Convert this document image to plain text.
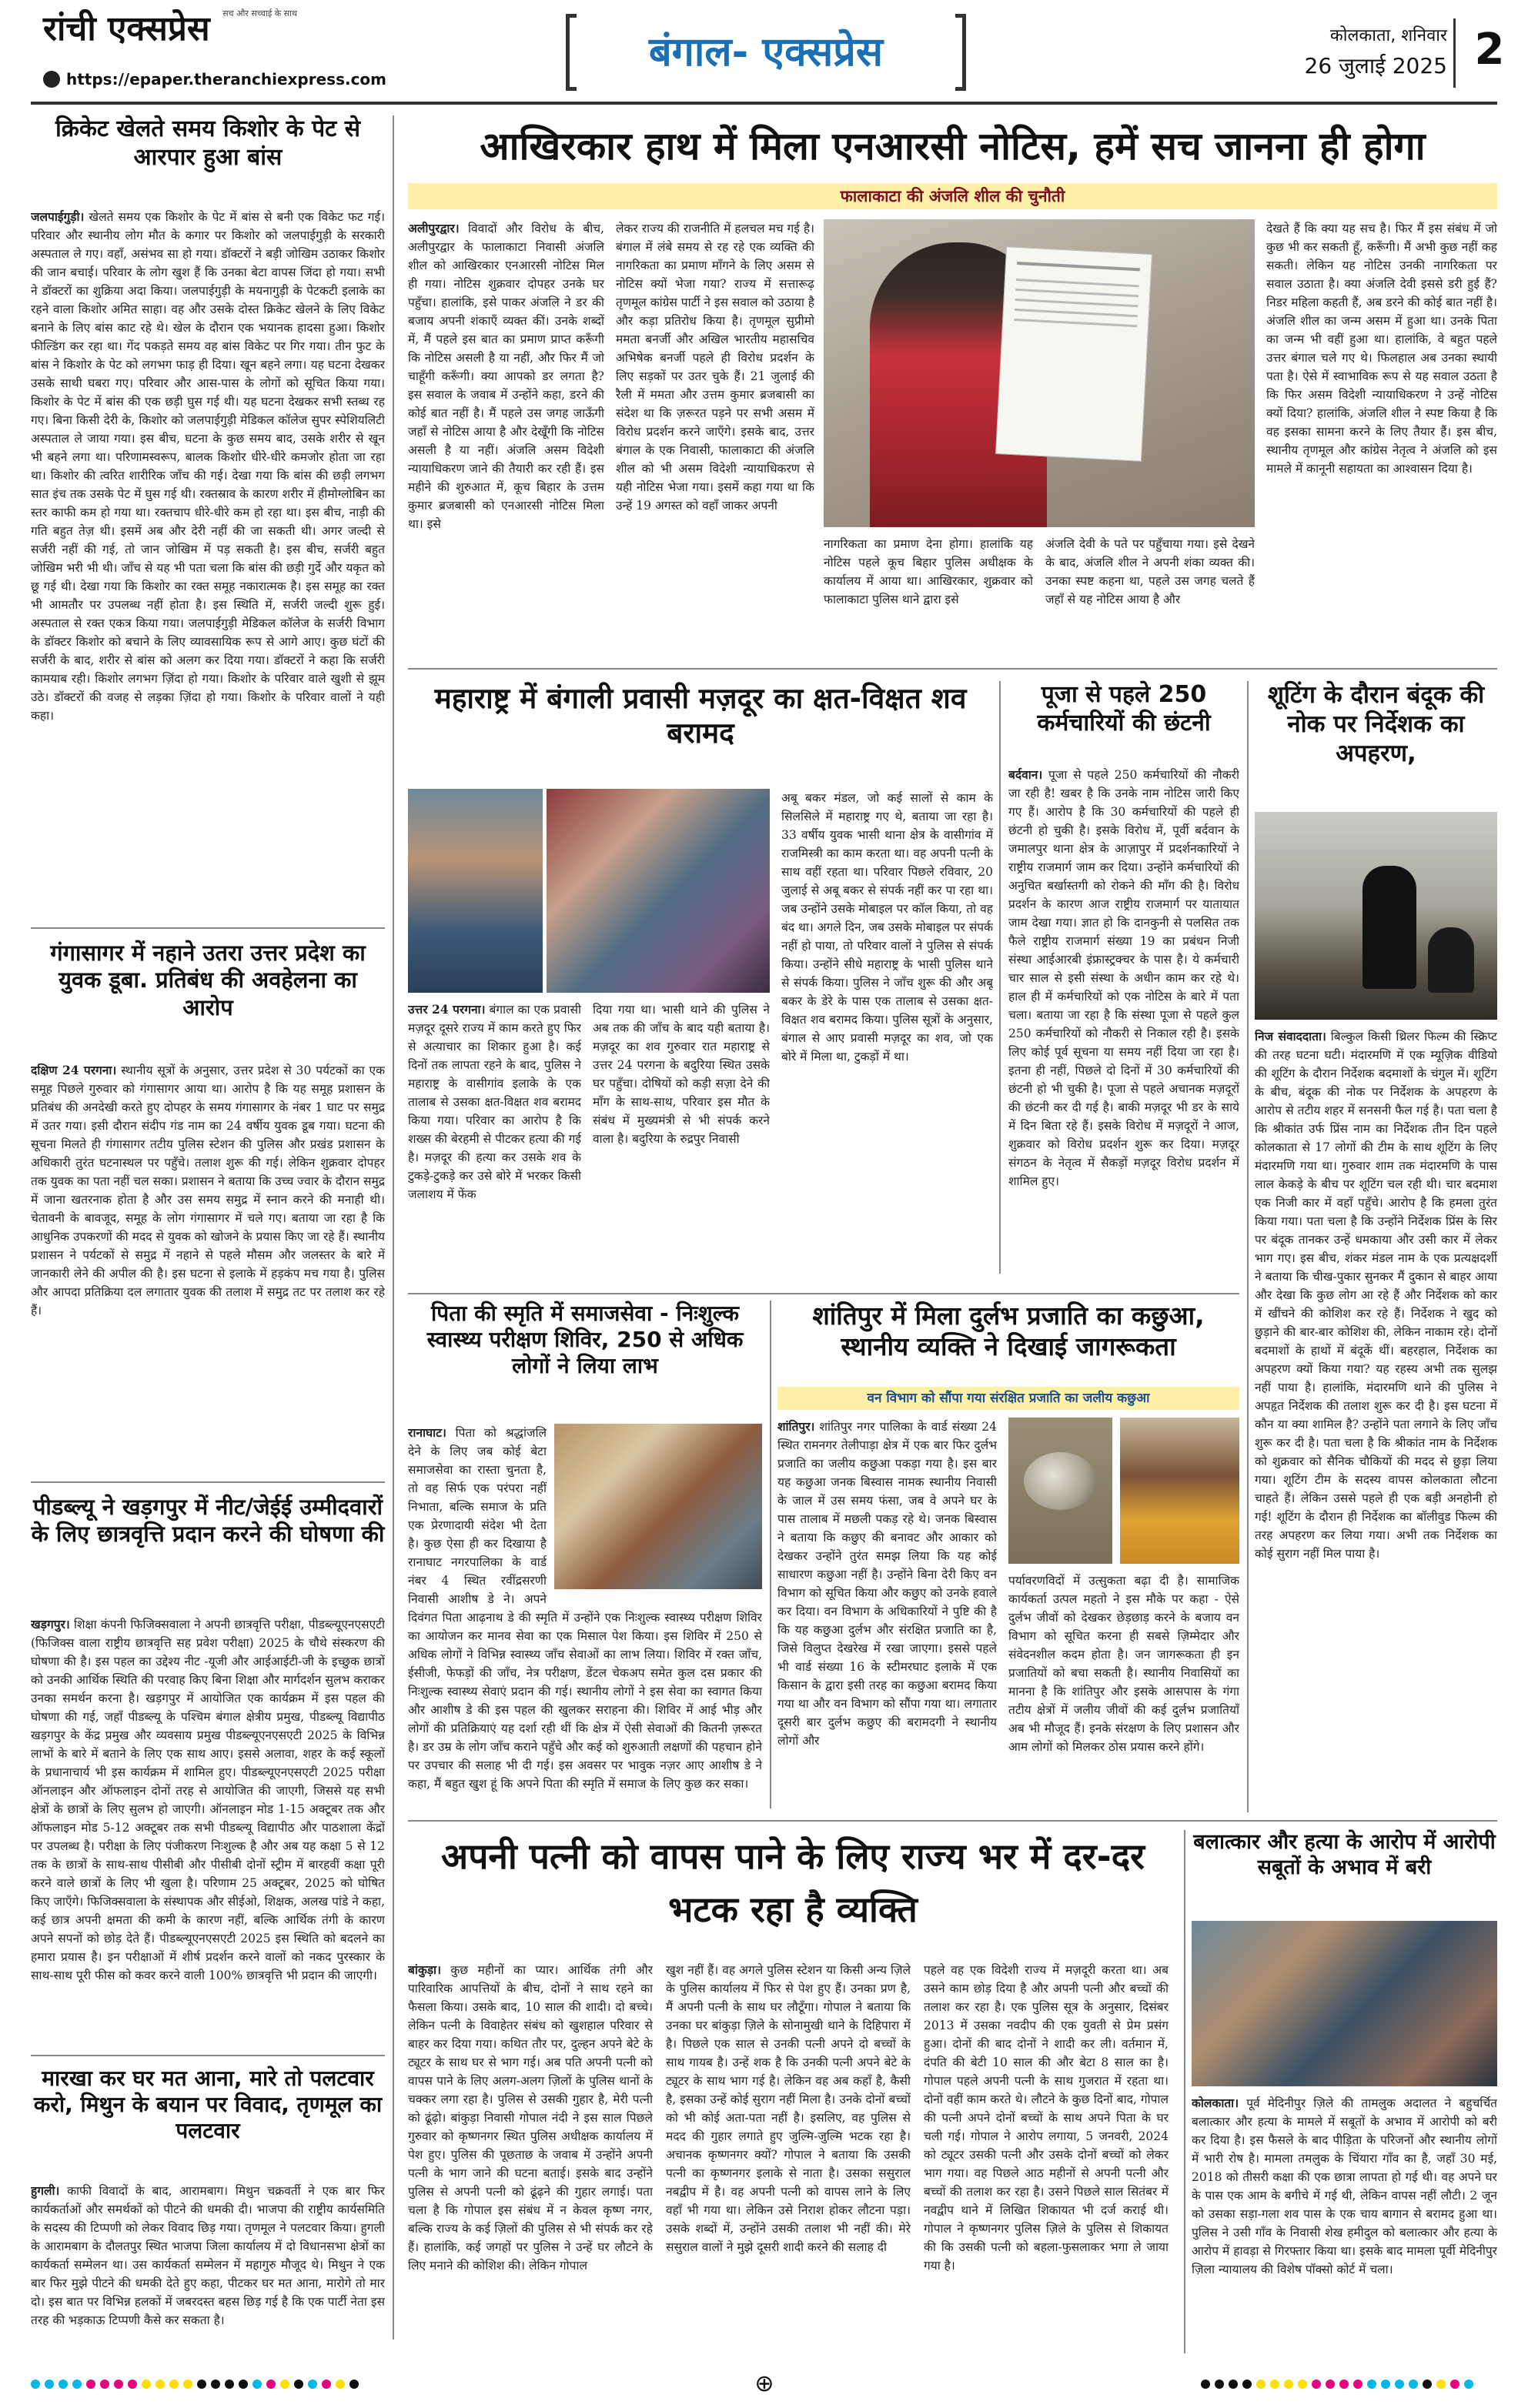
रांची एक्सप्रेस	सच और सच्चाई के साथ
https://epaper.theranchiexpress.com
बंगाल- एक्सप्रेस	कोलकाता, शनिवार
26 जुलाई 2025 2
क्रिकेट खेलते समय किशोर के पेट से आरपार हुआ बांस
जलपाईगुड़ी। खेलते समय एक किशोर के पेट में बांस से बनी एक विकेट फट गई। परिवार और स्थानीय लोग मौत के कगार पर किशोर को जलपाईगुड़ी के सरकारी अस्पताल ले गए। वहाँ, असंभव सा हो गया। डॉक्टरों ने बड़ी जोखिम उठाकर किशोर की जान बचाई। परिवार के लोग खुश हैं कि उनका बेटा वापस जिंदा हो गया। सभी ने डॉक्टरों का शुक्रिया अदा किया। जलपाईगुड़ी के मयनागुड़ी के पेटकटी इलाके का रहने वाला किशोर अमित साहा। वह और उसके दोस्त क्रिकेट खेलने के लिए विकेट बनाने के लिए बांस काट रहे थे। खेल के दौरान एक भयानक हादसा हुआ। किशोर फील्डिंग कर रहा था। गेंद पकड़ते समय वह बांस विकेट पर गिर गया। तीन फुट के बांस ने किशोर के पेट को लगभग फाड़ ही दिया। खून बहने लगा। यह घटना देखकर उसके साथी घबरा गए। परिवार और आस-पास के लोगों को सूचित किया गया। किशोर के पेट में बांस की एक छड़ी घुस गई थी। यह घटना देखकर सभी स्तब्ध रह गए। बिना किसी देरी के, किशोर को जलपाईगुड़ी मेडिकल कॉलेज सुपर स्पेशियलिटी अस्पताल ले जाया गया। इस बीच, घटना के कुछ समय बाद, उसके शरीर से खून भी बहने लगा था। परिणामस्वरूप, बालक किशोर धीरे-धीरे कमजोर होता जा रहा था। किशोर की त्वरित शारीरिक जाँच की गई। देखा गया कि बांस की छड़ी लगभग सात इंच तक उसके पेट में घुस गई थी। रक्तस्राव के कारण शरीर में हीमोग्लोबिन का स्तर काफी कम हो गया था। रक्तचाप धीरे-धीरे कम हो रहा था। इस बीच, नाड़ी की गति बहुत तेज़ थी। इसमें अब और देरी नहीं की जा सकती थी। अगर जल्दी से सर्जरी नहीं की गई, तो जान जोखिम में पड़ सकती है। इस बीच, सर्जरी बहुत जोखिम भरी भी थी। जाँच से यह भी पता चला कि बांस की छड़ी गुर्दे और यकृत को छू गई थी। देखा गया कि किशोर का रक्त समूह नकारात्मक है। इस समूह का रक्त भी आमतौर पर उपलब्ध नहीं होता है। इस स्थिति में, सर्जरी जल्दी शुरू हुई। अस्पताल से रक्त एकत्र किया गया। जलपाईगुड़ी मेडिकल कॉलेज के सर्जरी विभाग के डॉक्टर किशोर को बचाने के लिए व्यावसायिक रूप से आगे आए। कुछ घंटों की सर्जरी के बाद, शरीर से बांस को अलग कर दिया गया। डॉक्टरों ने कहा कि सर्जरी कामयाब रही। किशोर लगभग ज़िंदा हो गया। किशोर के परिवार वाले खुशी से झूम उठे। डॉक्टरों की वजह से लड़का ज़िंदा हो गया। किशोर के परिवार वालों ने यही कहा।
गंगासागर में नहाने उतरा उत्तर प्रदेश का युवक डूबा. प्रतिबंध की अवहेलना का आरोप
दक्षिण 24 परगना। स्थानीय सूत्रों के अनुसार, उत्तर प्रदेश से 30 पर्यटकों का एक समूह पिछले गुरुवार को गंगासागर आया था। आरोप है कि यह समूह प्रशासन के प्रतिबंध की अनदेखी करते हुए दोपहर के समय गंगासागर के नंबर 1 घाट पर समुद्र में उतर गया। इसी दौरान संदीप गंड नाम का 24 वर्षीय युवक डूब गया। घटना की सूचना मिलते ही गंगासागर तटीय पुलिस स्टेशन की पुलिस और प्रखंड प्रशासन के अधिकारी तुरंत घटनास्थल पर पहुँचे। तलाश शुरू की गई। लेकिन शुक्रवार दोपहर तक युवक का पता नहीं चल सका। प्रशासन ने बताया कि उच्च ज्वार के दौरान समुद्र में जाना खतरनाक होता है और उस समय समुद्र में स्नान करने की मनाही थी। चेतावनी के बावजूद, समूह के लोग गंगासागर में चले गए। बताया जा रहा है कि आधुनिक उपकरणों की मदद से युवक को खोजने के प्रयास किए जा रहे हैं। स्थानीय प्रशासन ने पर्यटकों से समुद्र में नहाने से पहले मौसम और जलस्तर के बारे में जानकारी लेने की अपील की है। इस घटना से इलाके में हड़कंप मच गया है। पुलिस और आपदा प्रतिक्रिया दल लगातार युवक की तलाश में समुद्र तट पर तलाश कर रहे हैं।
पीडब्ल्यू ने खड़गपुर में नीट/जेईई उम्मीदवारों के लिए छात्रवृत्ति प्रदान करने की घोषणा की
खड़गपुर। शिक्षा कंपनी फिजिक्सवाला ने अपनी छात्रवृत्ति परीक्षा, पीडब्ल्यूएनएसएटी (फिजिक्स वाला राष्ट्रीय छात्रवृत्ति सह प्रवेश परीक्षा) 2025 के चौथे संस्करण की घोषणा की है। इस पहल का उद्देश्य नीट -यूजी और आईआईटी-जी के इच्छुक छात्रों को उनकी आर्थिक स्थिति की परवाह किए बिना शिक्षा और मार्गदर्शन सुलभ कराकर उनका समर्थन करना है। खड़गपुर में आयोजित एक कार्यक्रम में इस पहल की घोषणा की गई, जहाँ पीडब्ल्यू के पश्चिम बंगाल क्षेत्रीय प्रमुख, पीडब्ल्यू विद्यापीठ खड़गपुर के केंद्र प्रमुख और व्यवसाय प्रमुख पीडब्ल्यूएनएसएटी 2025 के विभिन्न लाभों के बारे में बताने के लिए एक साथ आए। इससे अलावा, शहर के कई स्कूलों के प्रधानाचार्य भी इस कार्यक्रम में शामिल हुए। पीडब्ल्यूएनएसएटी 2025 परीक्षा ऑनलाइन और ऑफलाइन दोनों तरह से आयोजित की जाएगी, जिससे यह सभी क्षेत्रों के छात्रों के लिए सुलभ हो जाएगी। ऑनलाइन मोड 1-15 अक्टूबर तक और ऑफलाइन मोड 5-12 अक्टूबर तक सभी पीडब्ल्यू विद्यापीठ और पाठशाला केंद्रों पर उपलब्ध है। परीक्षा के लिए पंजीकरण निःशुल्क है और अब यह कक्षा 5 से 12 तक के छात्रों के साथ-साथ पीसीबी और पीसीबी दोनों स्ट्रीम में बारहवीं कक्षा पूरी करने वाले छात्रों के लिए भी खुला है। परिणाम 25 अक्टूबर, 2025 को घोषित किए जाएँगे। फिजिक्सवाला के संस्थापक और सीईओ, शिक्षक, अलख पांडे ने कहा, कई छात्र अपनी क्षमता की कमी के कारण नहीं, बल्कि आर्थिक तंगी के कारण अपने सपनों को छोड़ देते हैं। पीडब्ल्यूएनएसएटी 2025 इस स्थिति को बदलने का हमारा प्रयास है। इन परीक्षाओं में शीर्ष प्रदर्शन करने वालों को नकद पुरस्कार के साथ-साथ पूरी फीस को कवर करने वाली 100% छात्रवृत्ति भी प्रदान की जाएगी।
मारखा कर घर मत आना, मारे तो पलटवार करो, मिथुन के बयान पर विवाद, तृणमूल का पलटवार
हुगली। काफी विवादों के बाद, आरामबाग। मिथुन चक्रवर्ती ने एक बार फिर कार्यकर्ताओं और समर्थकों को पीटने की धमकी दी। भाजपा की राष्ट्रीय कार्यसमिति के सदस्य की टिप्पणी को लेकर विवाद छिड़ गया। तृणमूल ने पलटवार किया। हुगली के आरामबाग के दौलतपुर स्थित भाजपा जिला कार्यालय में दो विधानसभा क्षेत्रों का कार्यकर्ता सम्मेलन था। उस कार्यकर्ता सम्मेलन में महागुरु मौजूद थे। मिथुन ने एक बार फिर मुझे पीटने की धमकी देते हुए कहा, पीटकर घर मत आना, मारोगे तो मार दो। इस बात पर विभिन्न हलकों में जबरदस्त बहस छिड़ गई है कि एक पार्टी नेता इस तरह की भड़काऊ टिप्पणी कैसे कर सकता है।
आखिरकार हाथ में मिला एनआरसी नोटिस, हमें सच जानना ही होगा
फालाकाटा की अंजलि शील की चुनौती
अलीपुरद्वार। विवादों और विरोध के बीच, अलीपुरद्वार के फालाकाटा निवासी अंजलि शील को आखिरकार एनआरसी नोटिस मिल ही गया। नोटिस शुक्रवार दोपहर उनके घर पहुँचा। हालांकि, इसे पाकर अंजलि ने डर की बजाय अपनी शंकाएँ व्यक्त कीं। उनके शब्दों में, मैं पहले इस बात का प्रमाण प्राप्त करूँगी कि नोटिस असली है या नहीं, और फिर मैं जो चाहूँगी करूँगी। क्या आपको डर लगता है? इस सवाल के जवाब में उन्होंने कहा, डरने की कोई बात नहीं है। मैं पहले उस जगह जाऊँगी जहाँ से नोटिस आया है और देखूँगी कि नोटिस असली है या नहीं। अंजलि असम विदेशी न्यायाधिकरण जाने की तैयारी कर रही हैं। इस महीने की शुरुआत में, कूच बिहार के उत्तम कुमार ब्रजबासी को एनआरसी नोटिस मिला था। इसे
लेकर राज्य की राजनीति में हलचल मच गई है। बंगाल में लंबे समय से रह रहे एक व्यक्ति की नागरिकता का प्रमाण माँगने के लिए असम से नोटिस क्यों भेजा गया? राज्य में सत्तारूढ़ तृणमूल कांग्रेस पार्टी ने इस सवाल को उठाया है और कड़ा प्रतिरोध किया है। तृणमूल सुप्रीमो ममता बनर्जी और अखिल भारतीय महासचिव अभिषेक बनर्जी पहले ही विरोध प्रदर्शन के लिए सड़कों पर उतर चुके हैं। 21 जुलाई की रैली में ममता और उत्तम कुमार ब्रजबासी का संदेश था कि ज़रूरत पड़ने पर सभी असम में विरोध प्रदर्शन करने जाएँगे। इसके बाद, उत्तर बंगाल के एक निवासी, फालाकाटा की अंजलि शील को भी असम विदेशी न्यायाधिकरण से यही नोटिस भेजा गया। इसमें कहा गया था कि उन्हें 19 अगस्त को वहाँ जाकर अपनी
नागरिकता का प्रमाण देना होगा। हालांकि यह नोटिस पहले कूच बिहार पुलिस अधीक्षक के कार्यालय में आया था। आखिरकार, शुक्रवार को फालाकाटा पुलिस थाने द्वारा इसे
अंजलि देवी के पते पर पहुँचाया गया। इसे देखने के बाद, अंजलि शील ने अपनी शंका व्यक्त की। उनका स्पष्ट कहना था, पहले उस जगह चलते हैं जहाँ से यह नोटिस आया है और
देखते हैं कि क्या यह सच है। फिर मैं इस संबंध में जो कुछ भी कर सकती हूँ, करूँगी। मैं अभी कुछ नहीं कह सकती। लेकिन यह नोटिस उनकी नागरिकता पर सवाल उठाता है। क्या अंजलि देवी इससे डरी हुई हैं? निडर महिला कहती हैं, अब डरने की कोई बात नहीं है। अंजलि शील का जन्म असम में हुआ था। उनके पिता का जन्म भी वहीं हुआ था। हालांकि, वे बहुत पहले उत्तर बंगाल चले गए थे। फिलहाल अब उनका स्थायी पता है। ऐसे में स्वाभाविक रूप से यह सवाल उठता है कि फिर असम विदेशी न्यायाधिकरण ने उन्हें नोटिस क्यों दिया? हालांकि, अंजलि शील ने स्पष्ट किया है कि वह इसका सामना करने के लिए तैयार हैं। इस बीच, स्थानीय तृणमूल और कांग्रेस नेतृत्व ने अंजलि को इस मामले में कानूनी सहायता का आश्वासन दिया है।
महाराष्ट्र में बंगाली प्रवासी मज़दूर का क्षत-विक्षत शव बरामद
उत्तर 24 परगना। बंगाल का एक प्रवासी मज़दूर दूसरे राज्य में काम करते हुए फिर से अत्याचार का शिकार हुआ है। कई दिनों तक लापता रहने के बाद, पुलिस ने महाराष्ट्र के वासीगांव इलाके के एक तालाब से उसका क्षत-विक्षत शव बरामद किया गया। परिवार का आरोप है कि शख्स की बेरहमी से पीटकर हत्या की गई है। मज़दूर की हत्या कर उसके शव के टुकड़े-टुकड़े कर उसे बोरे में भरकर किसी जलाशय में फेंक
दिया गया था। भासी थाने की पुलिस ने अब तक की जाँच के बाद यही बताया है। मज़दूर का शव गुरुवार रात महाराष्ट्र से उत्तर 24 परगना के बदुरिया स्थित उसके घर पहुँचा। दोषियों को कड़ी सज़ा देने की माँग के साथ-साथ, परिवार इस मौत के संबंध में मुख्यमंत्री से भी संपर्क करने वाला है। बदुरिया के रुद्रपुर निवासी
अबू बकर मंडल, जो कई सालों से काम के सिलसिले में महाराष्ट्र गए थे, बताया जा रहा है। 33 वर्षीय युवक भासी थाना क्षेत्र के वासीगांव में राजमिस्त्री का काम करता था। वह अपनी पत्नी के साथ वहीं रहता था। परिवार पिछले रविवार, 20 जुलाई से अबू बकर से संपर्क नहीं कर पा रहा था। जब उन्होंने उसके मोबाइल पर कॉल किया, तो वह बंद था। अगले दिन, जब उसके मोबाइल पर संपर्क नहीं हो पाया, तो परिवार वालों ने पुलिस से संपर्क किया। उन्होंने सीधे महाराष्ट्र के भासी पुलिस थाने से संपर्क किया। पुलिस ने जाँच शुरू की और अबू बकर के डेरे के पास एक तालाब से उसका क्षत-विक्षत शव बरामद किया। पुलिस सूत्रों के अनुसार, बंगाल से आए प्रवासी मज़दूर का शव, जो एक बोरे में मिला था, टुकड़ों में था।
पूजा से पहले 250 कर्मचारियों की छंटनी
बर्दवान। पूजा से पहले 250 कर्मचारियों की नौकरी जा रही है! खबर है कि उनके नाम नोटिस जारी किए गए हैं। आरोप है कि 30 कर्मचारियों की पहले ही छंटनी हो चुकी है। इसके विरोध में, पूर्वी बर्दवान के जमालपुर थाना क्षेत्र के आज़ापुर में प्रदर्शनकारियों ने राष्ट्रीय राजमार्ग जाम कर दिया। उन्होंने कर्मचारियों की अनुचित बर्खास्तगी को रोकने की माँग की है। विरोध प्रदर्शन के कारण आज राष्ट्रीय राजमार्ग पर यातायात जाम देखा गया। ज्ञात हो कि दानकुनी से पलसित तक फैले राष्ट्रीय राजमार्ग संख्या 19 का प्रबंधन निजी संस्था आईआरबी इंफ्रास्ट्रक्चर के पास है। ये कर्मचारी चार साल से इसी संस्था के अधीन काम कर रहे थे। हाल ही में कर्मचारियों को एक नोटिस के बारे में पता चला। बताया जा रहा है कि संस्था पूजा से पहले कुल 250 कर्मचारियों को नौकरी से निकाल रही है। इसके लिए कोई पूर्व सूचना या समय नहीं दिया जा रहा है। इतना ही नहीं, पिछले दो दिनों में 30 कर्मचारियों की छंटनी हो भी चुकी है। पूजा से पहले अचानक मज़दूरों की छंटनी कर दी गई है। बाकी मज़दूर भी डर के साये में दिन बिता रहे हैं। इसके विरोध में मज़दूरों ने आज, शुक्रवार को विरोध प्रदर्शन शुरू कर दिया। मज़दूर संगठन के नेतृत्व में सैकड़ों मज़दूर विरोध प्रदर्शन में शामिल हुए।
शूटिंग के दौरान बंदूक की नोक पर निर्देशक का अपहरण,
निज संवाददाता। बिल्कुल किसी थ्रिलर फिल्म की स्क्रिप्ट की तरह घटना घटी। मंदारमणि में एक म्यूज़िक वीडियो की शूटिंग के दौरान निर्देशक बदमाशों के चंगुल में। शूटिंग के बीच, बंदूक की नोक पर निर्देशक के अपहरण के आरोप से तटीय शहर में सनसनी फैल गई है। पता चला है कि श्रीकांत उर्फ प्रिंस नाम का निर्देशक तीन दिन पहले कोलकाता से 17 लोगों की टीम के साथ शूटिंग के लिए मंदारमणि गया था। गुरुवार शाम तक मंदारमणि के पास लाल केकड़े के बीच पर शूटिंग चल रही थी। चार बदमाश एक निजी कार में वहाँ पहुँचे। आरोप है कि हमला तुरंत किया गया। पता चला है कि उन्होंने निर्देशक प्रिंस के सिर पर बंदूक तानकर उन्हें धमकाया और उसी कार में लेकर भाग गए। इस बीच, शंकर मंडल नाम के एक प्रत्यक्षदर्शी ने बताया कि चीख-पुकार सुनकर मैं दुकान से बाहर आया और देखा कि कुछ लोग आ रहे हैं और निर्देशक को कार में खींचने की कोशिश कर रहे हैं। निर्देशक ने खुद को छुड़ाने की बार-बार कोशिश की, लेकिन नाकाम रहे। दोनों बदमाशों के हाथों में बंदूकें थीं। बहरहाल, निर्देशक का अपहरण क्यों किया गया? यह रहस्य अभी तक सुलझ नहीं पाया है। हालांकि, मंदारमणि थाने की पुलिस ने अपहृत निर्देशक की तलाश शुरू कर दी है। इस घटना में कौन या क्या शामिल है? उन्होंने पता लगाने के लिए जाँच शुरू कर दी है। पता चला है कि श्रीकांत नाम के निर्देशक को शुक्रवार को सैनिक चौकियों की मदद से छुड़ा लिया गया। शूटिंग टीम के सदस्य वापस कोलकाता लौटना चाहते हैं। लेकिन उससे पहले ही एक बड़ी अनहोनी हो गई! शूटिंग के दौरान ही निर्देशक का बॉलीवुड फिल्म की तरह अपहरण कर लिया गया। अभी तक निर्देशक का कोई सुराग नहीं मिल पाया है।
पिता की स्मृति में समाजसेवा - निःशुल्क स्वास्थ्य परीक्षण शिविर, 250 से अधिक लोगों ने लिया लाभ
रानाघाट। पिता को श्रद्धांजलि देने के लिए जब कोई बेटा समाजसेवा का रास्ता चुनता है, तो वह सिर्फ एक परंपरा नहीं निभाता, बल्कि समाज के प्रति एक प्रेरणादायी संदेश भी देता है। कुछ ऐसा ही कर दिखाया है रानाघाट नगरपालिका के वार्ड नंबर 4 स्थित रवींद्रसरणी निवासी आशीष डे ने। अपने दिवंगत पिता आढ़नाथ डे की स्मृति में उन्होंने एक निःशुल्क स्वास्थ्य परीक्षण शिविर का आयोजन कर मानव सेवा का एक मिसाल पेश किया। इस शिविर में 250 से अधिक लोगों ने विभिन्न स्वास्थ्य जाँच सेवाओं का लाभ लिया। शिविर में रक्त जाँच, ईसीजी, फेफड़ों की जाँच, नेत्र परीक्षण, डेंटल चेकअप समेत कुल दस प्रकार की निःशुल्क स्वास्थ्य सेवाएं प्रदान की गई। स्थानीय लोगों ने इस सेवा का स्वागत किया और आशीष डे की इस पहल की खुलकर सराहना की। शिविर में आई भीड़ और लोगों की प्रतिक्रियाएं यह दर्शा रही थीं कि क्षेत्र में ऐसी सेवाओं की कितनी ज़रूरत है। डर उम्र के लोग जाँच कराने पहुँचे और कई को शुरुआती लक्षणों की पहचान होने पर उपचार की सलाह भी दी गई। इस अवसर पर भावुक नज़र आए आशीष डे ने कहा, मैं बहुत खुश हूं कि अपने पिता की स्मृति में समाज के लिए कुछ कर सका।
शांतिपुर में मिला दुर्लभ प्रजाति का कछुआ, स्थानीय व्यक्ति ने दिखाई जागरूकता
वन विभाग को सौंपा गया संरक्षित प्रजाति का जलीय कछुआ
शांतिपुर। शांतिपुर नगर पालिका के वार्ड संख्या 24 स्थित रामनगर तेलीपाड़ा क्षेत्र में एक बार फिर दुर्लभ प्रजाति का जलीय कछुआ पकड़ा गया है। इस बार यह कछुआ जनक बिस्वास नामक स्थानीय निवासी के जाल में उस समय फंसा, जब वे अपने घर के पास तालाब में मछली पकड़ रहे थे। जनक बिस्वास ने बताया कि कछुए की बनावट और आकार को देखकर उन्होंने तुरंत समझ लिया कि यह कोई साधारण कछुआ नहीं है। उन्होंने बिना देरी किए वन विभाग को सूचित किया और कछुए को उनके हवाले कर दिया। वन विभाग के अधिकारियों ने पुष्टि की है कि यह कछुआ दुर्लभ और संरक्षित प्रजाति का है, जिसे विलुप्त देखरेख में रखा जाएगा। इससे पहले भी वार्ड संख्या 16 के स्टीमरघाट इलाके में एक किसान के द्वारा इसी तरह का कछुआ बरामद किया गया था और वन विभाग को सौंपा गया था। लगातार दूसरी बार दुर्लभ कछुए की बरामदगी ने स्थानीय लोगों और
पर्यावरणविदों में उत्सुकता बढ़ा दी है। सामाजिक कार्यकर्ता उत्पल महतो ने इस मौके पर कहा - ऐसे दुर्लभ जीवों को देखकर छेड़छाड़ करने के बजाय वन विभाग को सूचित करना ही सबसे ज़िम्मेदार और संवेदनशील कदम होता है। जन जागरूकता ही इन प्रजातियों को बचा सकती है। स्थानीय निवासियों का मानना है कि शांतिपुर और इसके आसपास के गंगा तटीय क्षेत्रों में जलीय जीवों की कई दुर्लभ प्रजातियाँ अब भी मौजूद हैं। इनके संरक्षण के लिए प्रशासन और आम लोगों को मिलकर ठोस प्रयास करने होंगे।
अपनी पत्नी को वापस पाने के लिए राज्य भर में दर-दर भटक रहा है व्यक्ति
बांकुड़ा। कुछ महीनों का प्यार। आर्थिक तंगी और पारिवारिक आपत्तियों के बीच, दोनों ने साथ रहने का फैसला किया। उसके बाद, 10 साल की शादी। दो बच्चे। लेकिन पत्नी के विवाहेतर संबंध को खुशहाल परिवार से बाहर कर दिया गया। कथित तौर पर, दुल्हन अपने बेटे के ट्यूटर के साथ घर से भाग गई। अब पति अपनी पत्नी को वापस पाने के लिए अलग-अलग ज़िलों के पुलिस थानों के चक्कर लगा रहा है। पुलिस से उसकी गुहार है, मेरी पत्नी को ढूंढ़ो। बांकुड़ा निवासी गोपाल नंदी ने इस साल पिछले गुरुवार को कृष्णनगर स्थित पुलिस अधीक्षक कार्यालय में पेश हुए। पुलिस की पूछताछ के जवाब में उन्होंने अपनी पत्नी के भाग जाने की घटना बताई। इसके बाद उन्होंने पुलिस से अपनी पत्नी को ढूंढ़ने की गुहार लगाई। पता चला है कि गोपाल इस संबंध में न केवल कृष्ण नगर, बल्कि राज्य के कई ज़िलों की पुलिस से भी संपर्क कर रहे हैं। हालांकि, कई जगहों पर पुलिस ने उन्हें घर लौटने के लिए मनाने की कोशिश की। लेकिन गोपाल
खुश नहीं हैं। वह अगले पुलिस स्टेशन या किसी अन्य ज़िले के पुलिस कार्यालय में फिर से पेश हुए हैं। उनका प्रण है, मैं अपनी पत्नी के साथ घर लौटूँगा। गोपाल ने बताया कि उनका घर बांकुड़ा ज़िले के सोनामुखी थाने के दिहिपारा में है। पिछले एक साल से उनकी पत्नी अपने दो बच्चों के साथ गायब है। उन्हें शक है कि उनकी पत्नी अपने बेटे के ट्यूटर के साथ भाग गई है। लेकिन वह अब कहाँ है, कैसी है, इसका उन्हें कोई सुराग नहीं मिला है। उनके दोनों बच्चों को भी कोई अता-पता नहीं है। इसलिए, वह पुलिस से मदद की गुहार लगाते हुए जुल्मि-जुल्मि भटक रहा है। अचानक कृष्णनगर क्यों? गोपाल ने बताया कि उसकी पत्नी का कृष्णनगर इलाके से नाता है। उसका ससुराल नबद्वीप में है। वह अपनी पत्नी को वापस लाने के लिए वहाँ भी गया था। लेकिन उसे निराश होकर लौटना पड़ा। उसके शब्दों में, उन्होंने उसकी तलाश भी नहीं की। मेरे ससुराल वालों ने मुझे दूसरी शादी करने की सलाह दी
पहले वह एक विदेशी राज्य में मज़दूरी करता था। अब उसने काम छोड़ दिया है और अपनी पत्नी और बच्चों की तलाश कर रहा है। एक पुलिस सूत्र के अनुसार, दिसंबर 2013 में उसका नवदीप की एक युवती से प्रेम प्रसंग हुआ। दोनों की बाद दोनों ने शादी कर ली। वर्तमान में, दंपति की बेटी 10 साल की और बेटा 8 साल का है। गोपाल पहले अपनी पत्नी के साथ गुजरात में रहता था। दोनों वहीं काम करते थे। लौटने के कुछ दिनों बाद, गोपाल की पत्नी अपने दोनों बच्चों के साथ अपने पिता के घर चली गई। गोपाल ने आरोप लगाया, 5 जनवरी, 2024 को ट्यूटर उसकी पत्नी और उसके दोनों बच्चों को लेकर भाग गया। वह पिछले आठ महीनों से अपनी पत्नी और बच्चों की तलाश कर रहा है। उसने पिछले साल सितंबर में नवद्वीप थाने में लिखित शिकायत भी दर्ज कराई थी। गोपाल ने कृष्णनगर पुलिस ज़िले के पुलिस से शिकायत की कि उसकी पत्नी को बहला-फुसलाकर भगा ले जाया गया है।
बलात्कार और हत्या के आरोप में आरोपी सबूतों के अभाव में बरी
कोलकाता। पूर्व मेदिनीपुर ज़िले की तामलुक अदालत ने बहुचर्चित बलात्कार और हत्या के मामले में सबूतों के अभाव में आरोपी को बरी कर दिया है। इस फैसले के बाद पीड़िता के परिजनों और स्थानीय लोगों में भारी रोष है। मामला तमलुक के चिंयारा गाँव का है, जहाँ 30 मई, 2018 को तीसरी कक्षा की एक छात्रा लापता हो गई थी। वह अपने घर के पास एक आम के बगीचे में गई थी, लेकिन वापस नहीं लौटी। 2 जून को उसका सड़ा-गला शव पास के एक चाय बागान से बरामद हुआ था। पुलिस ने उसी गाँव के निवासी शेख हमीदुल को बलात्कार और हत्या के आरोप में हावड़ा से गिरफ्तार किया था। इसके बाद मामला पूर्वी मेदिनीपुर ज़िला न्यायालय की विशेष पॉक्सो कोर्ट में चला।
⊕
